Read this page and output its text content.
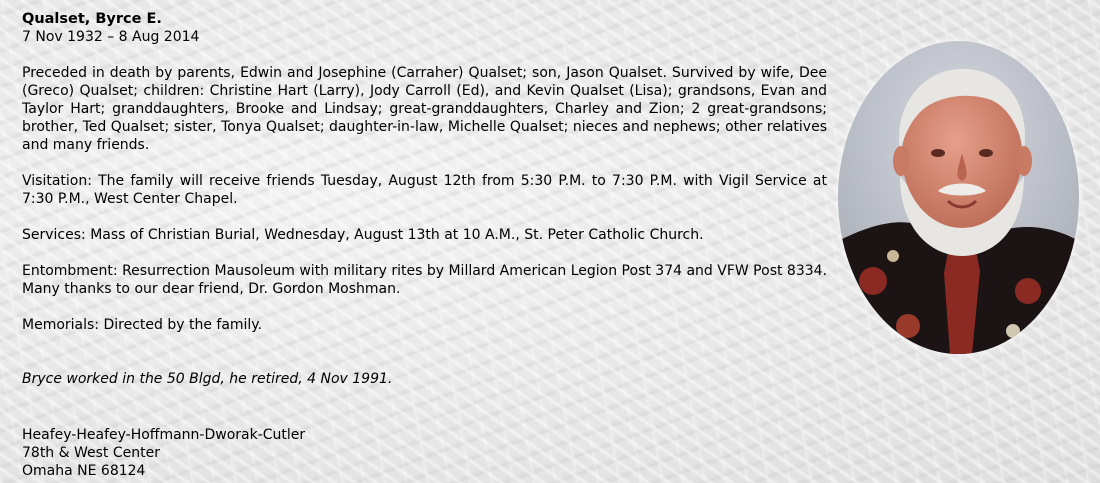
Qualset, Byrce E.

7 Nov 1932 – 8 Aug 2014

Preceded in death by parents, Edwin and Josephine (Carraher) Qualset; son, Jason Qualset. Survived by wife, Dee (Greco) Qualset; children: Christine Hart (Larry), Jody Carroll (Ed), and Kevin Qualset (Lisa); grandsons, Evan and Taylor Hart; granddaughters, Brooke and Lindsay; great-granddaughters, Charley and Zion; 2 great-grandsons; brother, Ted Qualset; sister, Tonya Qualset; daughter-in-law, Michelle Qualset; nieces and nephews; other relatives and many friends.

Visitation: The family will receive friends Tuesday, August 12th from 5:30 P.M. to 7:30 P.M. with Vigil Service at 7:30 P.M., West Center Chapel.

Services: Mass of Christian Burial, Wednesday, August 13th at 10 A.M., St. Peter Catholic Church.

Entombment: Resurrection Mausoleum with military rites by Millard American Legion Post 374 and VFW Post 8334. Many thanks to our dear friend, Dr. Gordon Moshman.

Memorials: Directed by the family.

Bryce worked in the 50 Blgd, he retired, 4 Nov 1991.

Heafey-Heafey-Hoffmann-Dworak-Cutler

78th & West Center

Omaha NE 68124
